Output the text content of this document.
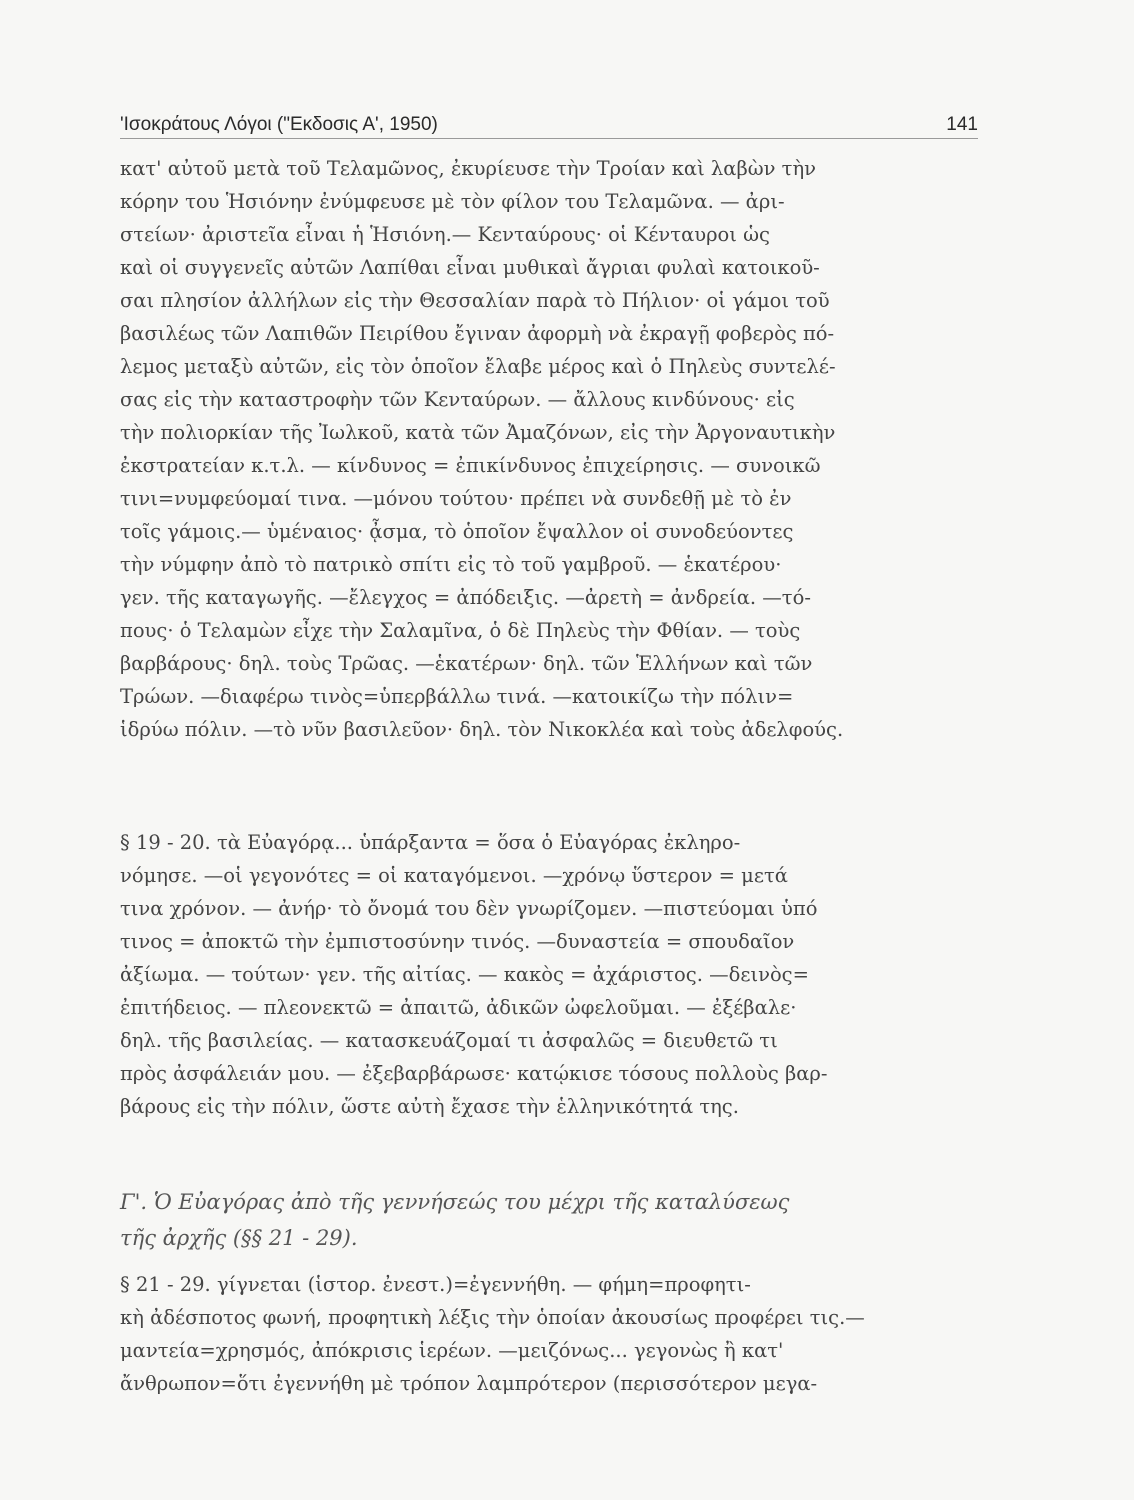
'Ισοκράτους Λόγοι ("Εκδοσις Α', 1950)	141
κατ' αὐτοῦ μετὰ τοῦ Τελαμῶνος, ἐκυρίευσε τὴν Τροίαν καὶ λαβὼν τὴν
κόρην του Ἡσιόνην ἐνύμφευσε μὲ τὸν φίλον του Τελαμῶνα. — ἀρι-
στείων· ἀριστεῖα εἶναι ἡ Ἡσιόνη.— Κενταύρους· οἱ Κένταυροι ὡς
καὶ οἱ συγγενεῖς αὐτῶν Λαπίθαι εἶναι μυθικαὶ ἄγριαι φυλαὶ κατοικοῦ-
σαι πλησίον ἀλλήλων εἰς τὴν Θεσσαλίαν παρὰ τὸ Πήλιον· οἱ γάμοι τοῦ
βασιλέως τῶν Λαπιθῶν Πειρίθου ἔγιναν ἀφορμὴ νὰ ἐκραγῇ φοβερὸς πό-
λεμος μεταξὺ αὐτῶν, εἰς τὸν ὁποῖον ἔλαβε μέρος καὶ ὁ Πηλεὺς συντελέ-
σας εἰς τὴν καταστροφὴν τῶν Κενταύρων. — ἄλλους κινδύνους· εἰς
τὴν πολιορκίαν τῆς Ἰωλκοῦ, κατὰ τῶν Ἀμαζόνων, εἰς τὴν Ἀργοναυτικὴν
ἐκστρατείαν κ.τ.λ. — κίνδυνος = ἐπικίνδυνος ἐπιχείρησις. — συνοικῶ
τινι=νυμφεύομαί τινα. —μόνου τούτου· πρέπει νὰ συνδεθῇ μὲ τὸ ἐν
τοῖς γάμοις.— ὑμέναιος· ᾆσμα, τὸ ὁποῖον ἔψαλλον οἱ συνοδεύοντες
τὴν νύμφην ἀπὸ τὸ πατρικὸ σπίτι εἰς τὸ τοῦ γαμβροῦ. — ἑκατέρου·
γεν. τῆς καταγωγῆς. —ἔλεγχος = ἀπόδειξις. —ἀρετὴ = ἀνδρεία. —τό-
πους· ὁ Τελαμὼν εἶχε τὴν Σαλαμῖνα, ὁ δὲ Πηλεὺς τὴν Φθίαν. — τοὺς
βαρβάρους· δηλ. τοὺς Τρῶας. —ἑκατέρων· δηλ. τῶν Ἑλλήνων καὶ τῶν
Τρώων. —διαφέρω τινὸς=ὑπερβάλλω τινά. —κατοικίζω τὴν πόλιν=
ἱδρύω πόλιν. —τὸ νῦν βασιλεῦον· δηλ. τὸν Νικοκλέα καὶ τοὺς ἀδελφούς.
§ 19 - 20. τὰ Εὐαγόρᾳ... ὑπάρξαντα = ὅσα ὁ Εὐαγόρας ἐκληρο-
νόμησε. —οἱ γεγονότες = οἱ καταγόμενοι. —χρόνῳ ὕστερον = μετά
τινα χρόνον. — ἀνήρ· τὸ ὄνομά του δὲν γνωρίζομεν. —πιστεύομαι ὑπό
τινος = ἀποκτῶ τὴν ἐμπιστοσύνην τινός. —δυναστεία = σπουδαῖον
ἀξίωμα. — τούτων· γεν. τῆς αἰτίας. — κακὸς = ἀχάριστος. —δεινὸς=
ἐπιτήδειος. — πλεονεκτῶ = ἀπαιτῶ, ἀδικῶν ὠφελοῦμαι. — ἐξέβαλε·
δηλ. τῆς βασιλείας. — κατασκευάζομαί τι ἀσφαλῶς = διευθετῶ τι
πρὸς ἀσφάλειάν μου. — ἐξεβαρβάρωσε· κατῴκισε τόσους πολλοὺς βαρ-
βάρους εἰς τὴν πόλιν, ὥστε αὐτὴ ἔχασε τὴν ἑλληνικότητά της.
Γ'. Ὁ Εὐαγόρας ἀπὸ τῆς γεννήσεώς του μέχρι τῆς καταλύσεως
τῆς ἀρχῆς (§§ 21 - 29).
§ 21 - 29. γίγνεται (ἱστορ. ἐνεστ.)=ἐγεννήθη. — φήμη=προφητι-
κὴ ἀδέσποτος φωνή, προφητικὴ λέξις τὴν ὁποίαν ἀκουσίως προφέρει τις.—
μαντεία=χρησμός, ἀπόκρισις ἱερέων. —μειζόνως... γεγονὼς ἢ κατ'
ἄνθρωπον=ὅτι ἐγεννήθη μὲ τρόπον λαμπρότερον (περισσότερον μεγα-
